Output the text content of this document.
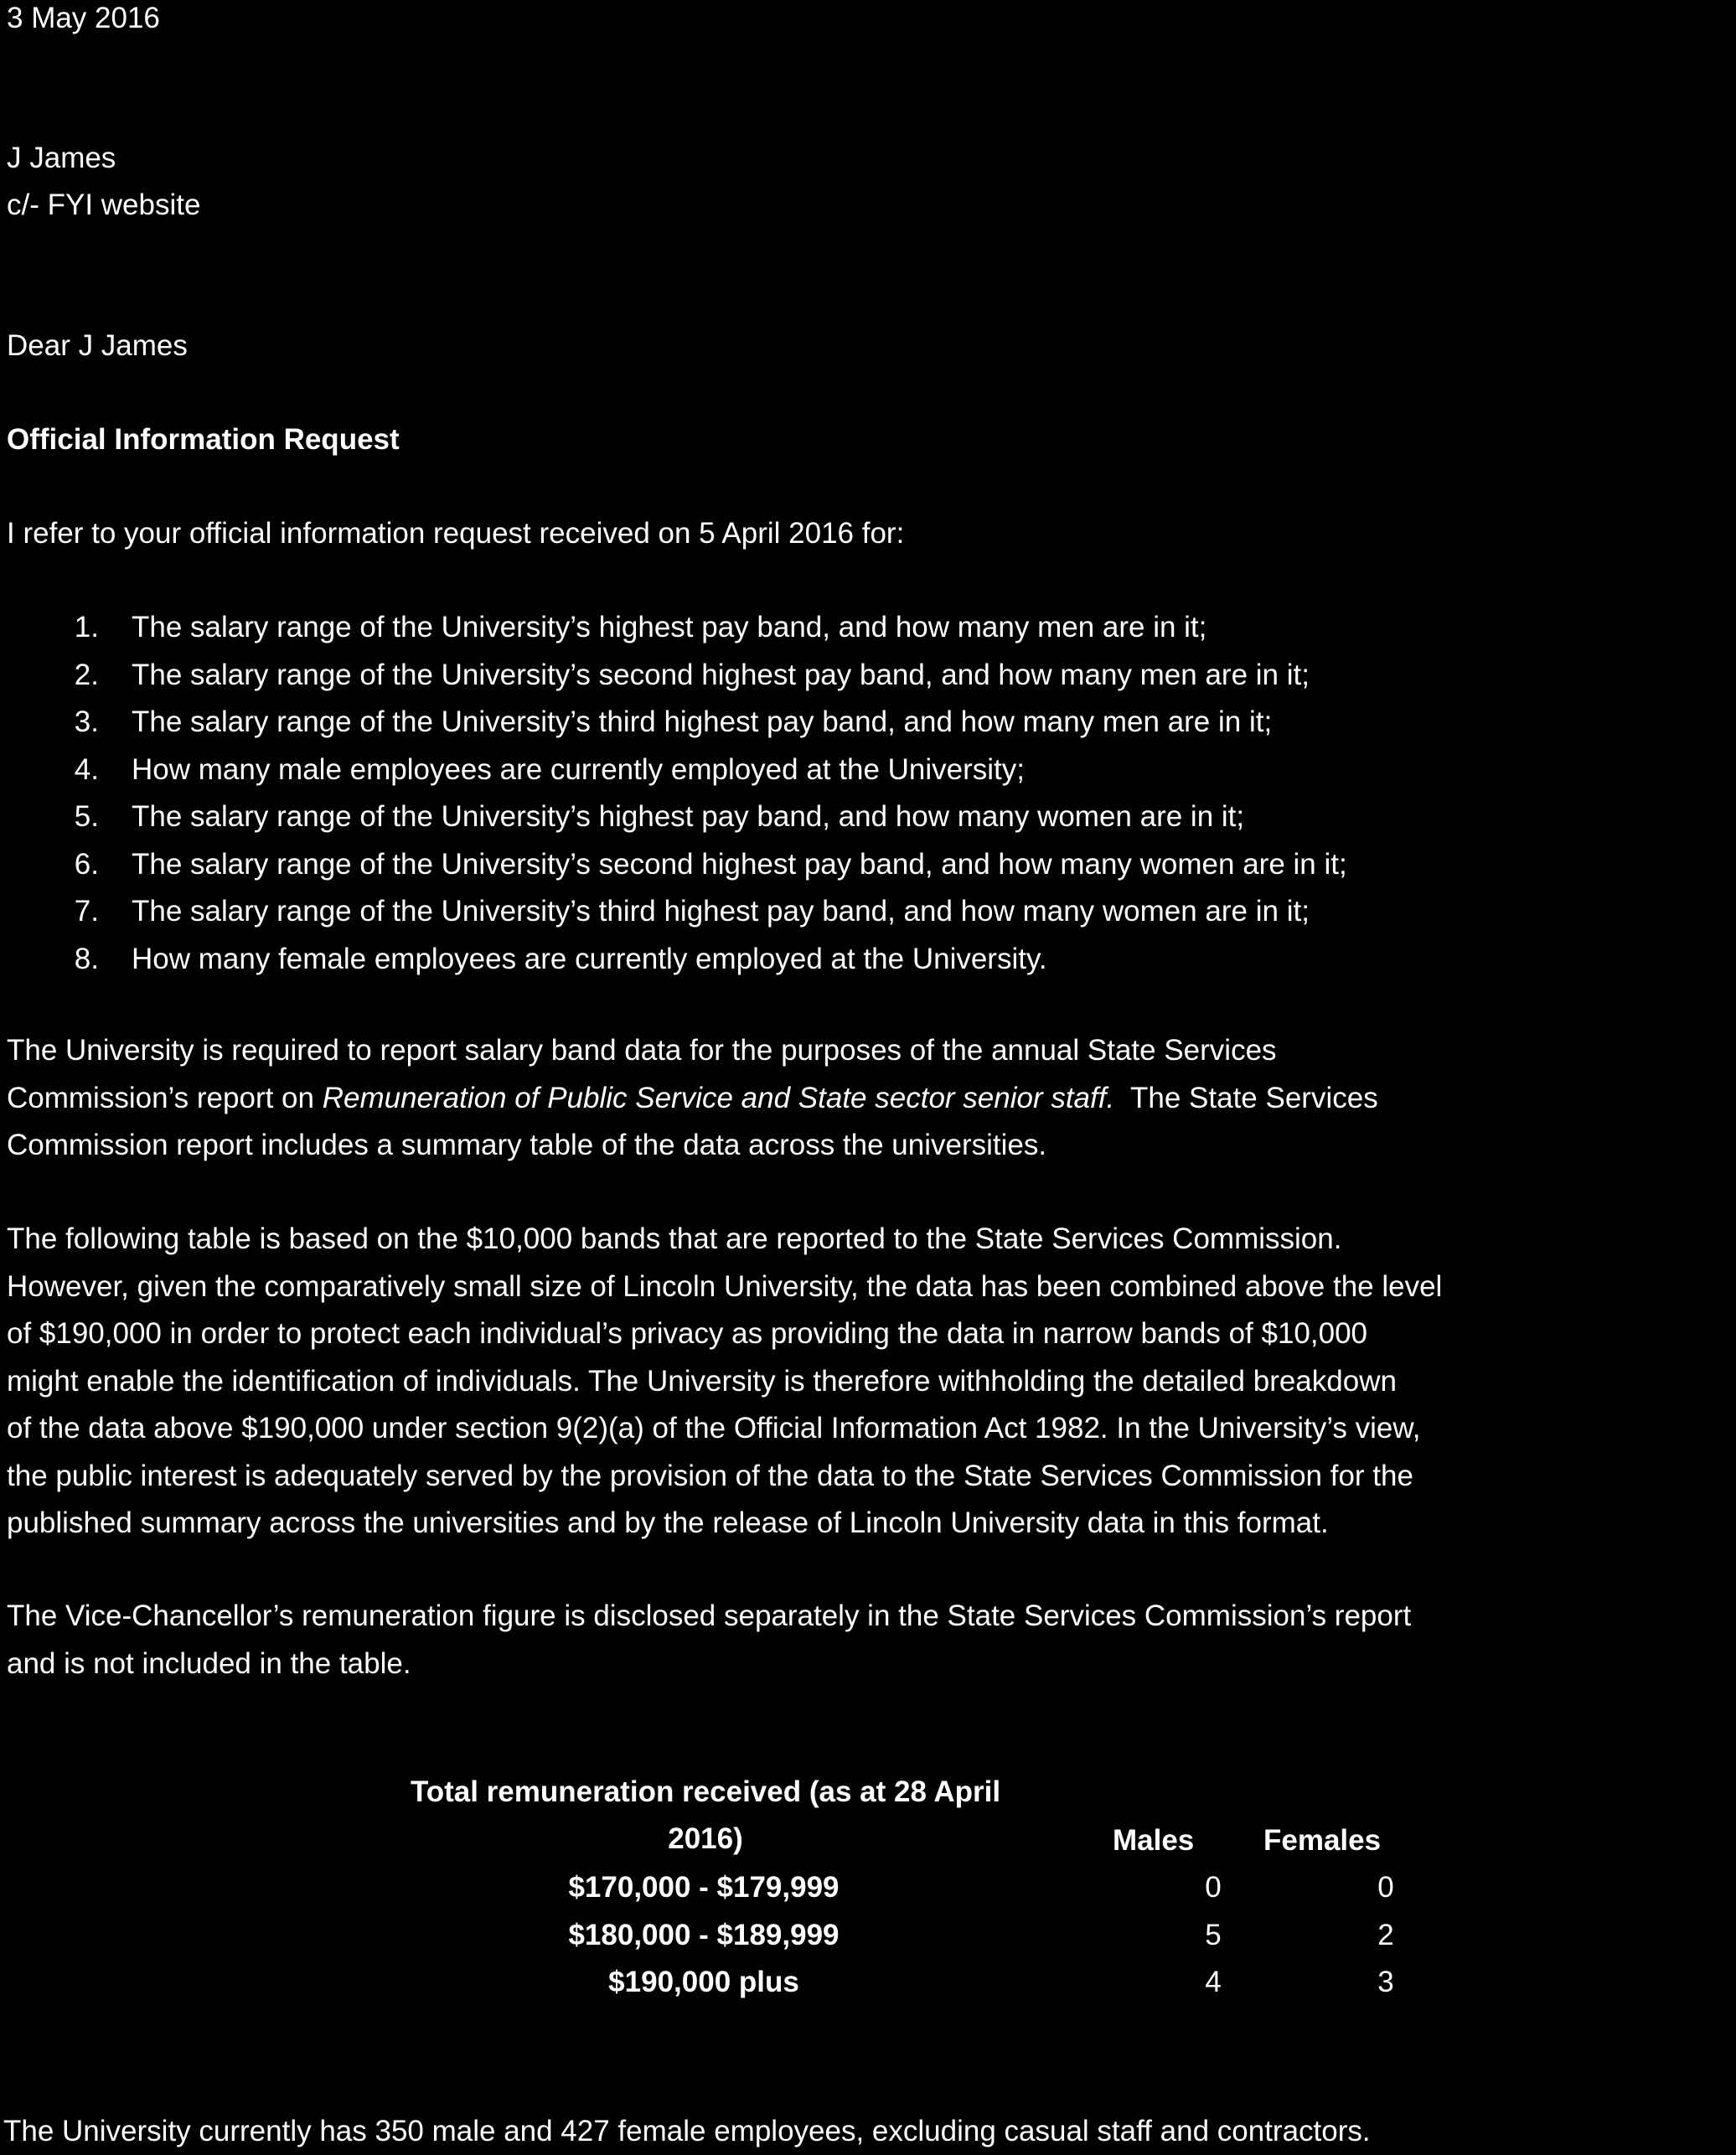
3 May 2016
J James
c/- FYI website
Dear J James
Official Information Request
I refer to your official information request received on 5 April 2016 for:
1. The salary range of the University’s highest pay band, and how many men are in it;
2. The salary range of the University’s second highest pay band, and how many men are in it;
3. The salary range of the University’s third highest pay band, and how many men are in it;
4. How many male employees are currently employed at the University;
5. The salary range of the University’s highest pay band, and how many women are in it;
6. The salary range of the University’s second highest pay band, and how many women are in it;
7. The salary range of the University’s third highest pay band, and how many women are in it;
8. How many female employees are currently employed at the University.
The University is required to report salary band data for the purposes of the annual State Services
Commission’s report on Remuneration of Public Service and State sector senior staff.  The State Services
Commission report includes a summary table of the data across the universities.
The following table is based on the $10,000 bands that are reported to the State Services Commission.
However, given the comparatively small size of Lincoln University, the data has been combined above the level
of $190,000 in order to protect each individual’s privacy as providing the data in narrow bands of $10,000
might enable the identification of individuals. The University is therefore withholding the detailed breakdown
of the data above $190,000 under section 9(2)(a) of the Official Information Act 1982. In the University’s view,
the public interest is adequately served by the provision of the data to the State Services Commission for the
published summary across the universities and by the release of Lincoln University data in this format.
The Vice-Chancellor’s remuneration figure is disclosed separately in the State Services Commission’s report
and is not included in the table.
Total remuneration received (as at 28 April
2016)	Males Females
$170,000 - $179,999	0	0
$180,000 - $189,999	5	2
$190,000 plus	4	3
The University currently has 350 male and 427 female employees, excluding casual staff and contractors.
